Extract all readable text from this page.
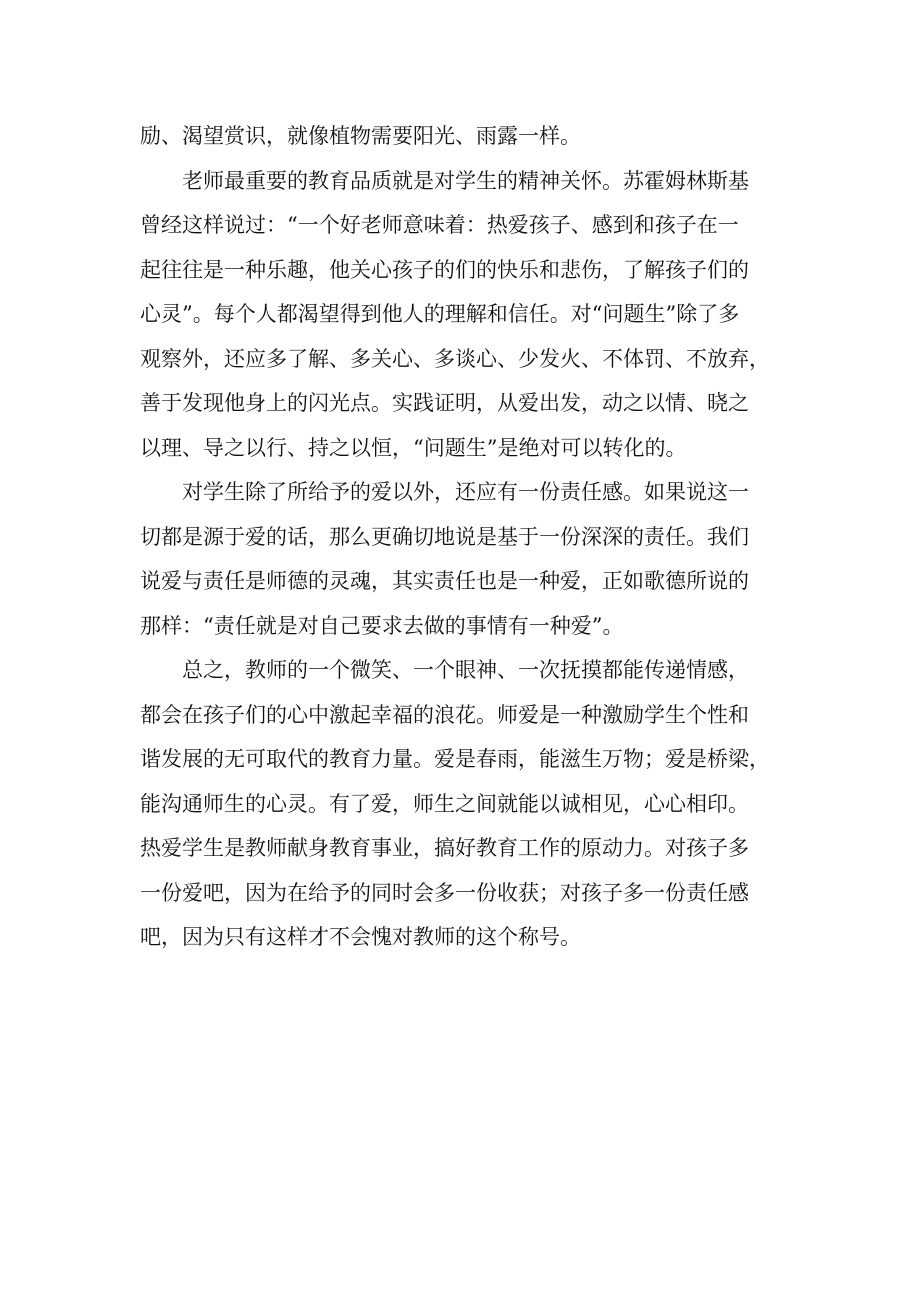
励、渴望赏识，就像植物需要阳光、雨露一样。
老师最重要的教育品质就是对学生的精神关怀。苏霍姆林斯基
曾经这样说过：“一个好老师意味着：热爱孩子、感到和孩子在一
起往往是一种乐趣，他关心孩子的们的快乐和悲伤，了解孩子们的
心灵”。每个人都渴望得到他人的理解和信任。对“问题生”除了多
观察外，还应多了解、多关心、多谈心、少发火、不体罚、不放弃，
善于发现他身上的闪光点。实践证明，从爱出发，动之以情、晓之
以理、导之以行、持之以恒，“问题生”是绝对可以转化的。
对学生除了所给予的爱以外，还应有一份责任感。如果说这一
切都是源于爱的话，那么更确切地说是基于一份深深的责任。我们
说爱与责任是师德的灵魂，其实责任也是一种爱，正如歌德所说的
那样：“责任就是对自己要求去做的事情有一种爱”。
总之，教师的一个微笑、一个眼神、一次抚摸都能传递情感，
都会在孩子们的心中激起幸福的浪花。师爱是一种激励学生个性和
谐发展的无可取代的教育力量。爱是春雨，能滋生万物；爱是桥梁，
能沟通师生的心灵。有了爱，师生之间就能以诚相见，心心相印。
热爱学生是教师献身教育事业，搞好教育工作的原动力。对孩子多
一份爱吧，因为在给予的同时会多一份收获；对孩子多一份责任感
吧，因为只有这样才不会愧对教师的这个称号。
